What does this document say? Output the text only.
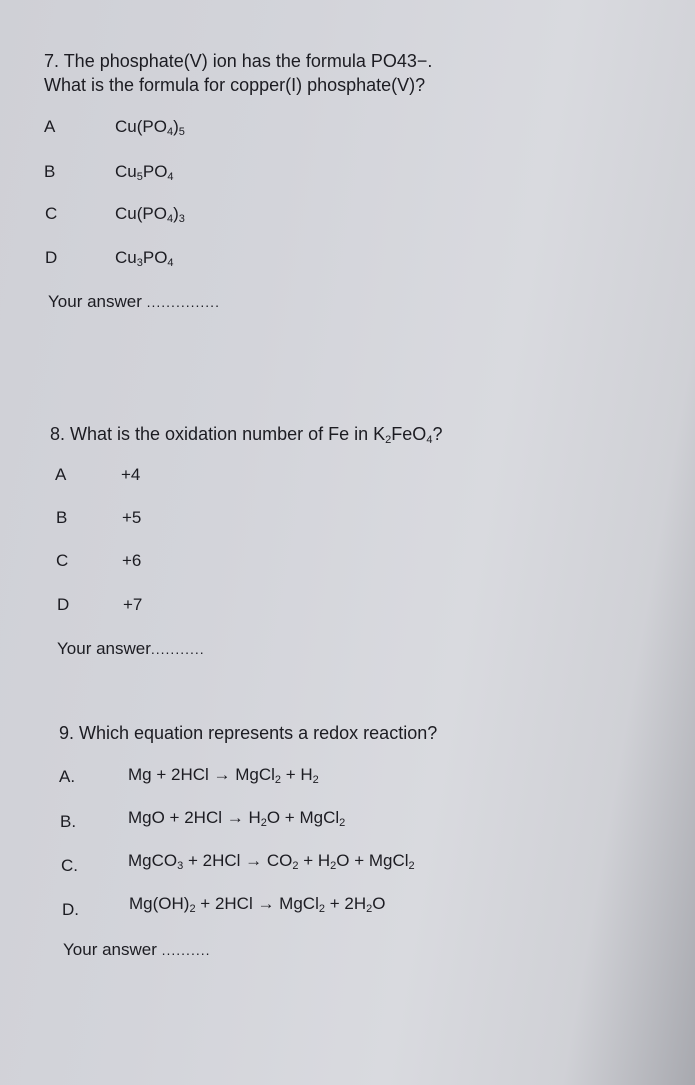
7. The phosphate(V) ion has the formula PO43−.
What is the formula for copper(I) phosphate(V)?
A	$Cu(PO_4)_5$
B	$Cu_5PO_4$
C	$Cu(PO_4)_3$
D	$Cu_3PO_4$
Your answer ...............
8. What is the oxidation number of Fe in $K_2FeO_4$?
A	+4
B	+5
C	+6
D	+7
Your answer...........
9. Which equation represents a redox reaction?
A.	Mg + 2HCl → MgCl$_2$ + $H_2$
B.	MgO + $2HCl \to H_2O$ + MgCl$_2$
C.	MgCO$_3$ + $2HCl \to CO_2 + H_2O$ + MgCl$_2$
D.	$Mg(OH)_2 + 2HCl$ → MgCl$_2$ + $2H_2O$
Your answer ..........
